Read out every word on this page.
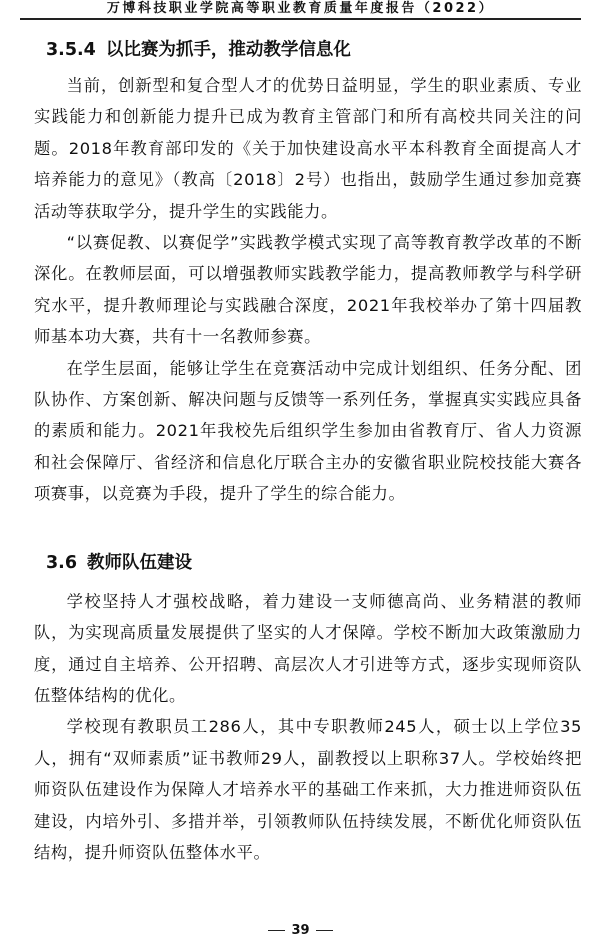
万博科技职业学院高等职业教育质量年度报告（2022）
3.5.4 以比赛为抓手，推动教学信息化

当前，创新型和复合型人才的优势日益明显，学生的职业素质、专业实践能力和创新能力提升已成为教育主管部门和所有高校共同关注的问题。2018年教育部印发的《关于加快建设高水平本科教育全面提高人才培养能力的意见》（教高〔2018〕2号）也指出，鼓励学生通过参加竞赛活动等获取学分，提升学生的实践能力。

“以赛促教、以赛促学”实践教学模式实现了高等教育教学改革的不断深化。在教师层面，可以增强教师实践教学能力，提高教师教学与科学研究水平，提升教师理论与实践融合深度，2021年我校举办了第十四届教师基本功大赛，共有十一名教师参赛。

在学生层面，能够让学生在竞赛活动中完成计划组织、任务分配、团队协作、方案创新、解决问题与反馈等一系列任务，掌握真实实践应具备的素质和能力。2021年我校先后组织学生参加由省教育厅、省人力资源和社会保障厅、省经济和信息化厅联合主办的安徽省职业院校技能大赛各项赛事，以竞赛为手段，提升了学生的综合能力。

3.6 教师队伍建设

学校坚持人才强校战略，着力建设一支师德高尚、业务精湛的教师队，为实现高质量发展提供了坚实的人才保障。学校不断加大政策激励力度，通过自主培养、公开招聘、高层次人才引进等方式，逐步实现师资队伍整体结构的优化。

学校现有教职员工286人，其中专职教师245人，硕士以上学位35人，拥有“双师素质”证书教师29人，副教授以上职称37人。学校始终把师资队伍建设作为保障人才培养水平的基础工作来抓，大力推进师资队伍建设，内培外引、多措并举，引领教师队伍持续发展，不断优化师资队伍结构，提升师资队伍整体水平。

39
